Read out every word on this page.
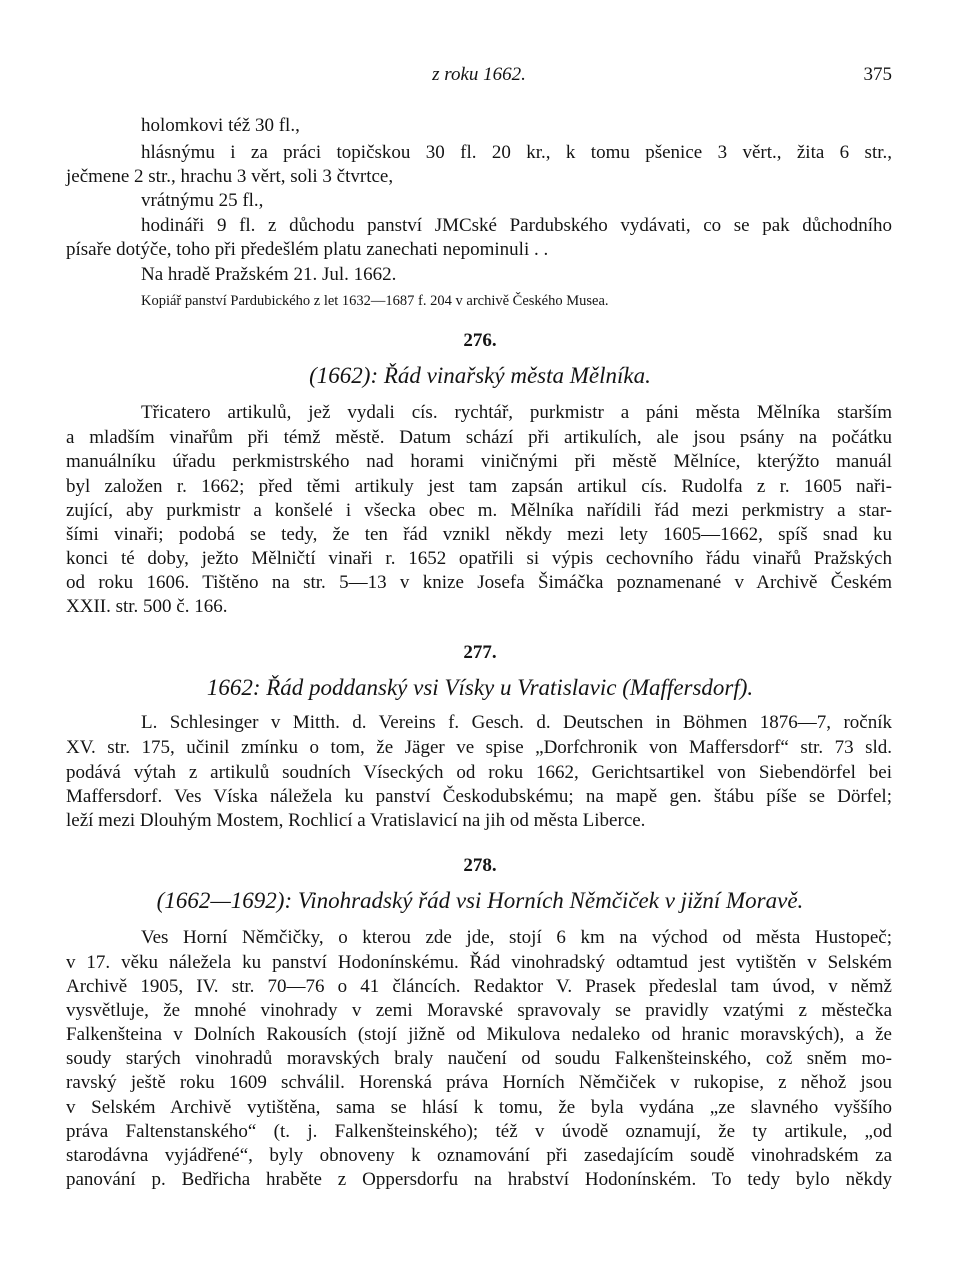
z roku 1662.	375
holomkovi též 30 fl.,
hlásnýmu i za práci topičskou 30 fl. 20 kr., k tomu pšenice 3 věrt., žita 6 str.,
ječmene 2 str., hrachu 3 věrt, soli 3 čtvrtce,
vrátnýmu 25 fl.,
hodináři 9 fl. z důchodu panství JMCské Pardubského vydávati, co se pak důchodního
písaře dotýče, toho při předešlém platu zanechati nepominuli . .
Na hradě Pražském 21. Jul. 1662.
Kopiář panství Pardubického z let 1632—1687 f. 204 v archivě Českého Musea.
276.
(1662): Řád vinařský města Mělníka.
Třicatero artikulů, jež vydali cís. rychtář, purkmistr a páni města Mělníka starším
a mladším vinařům při témž městě. Datum schází při artikulích, ale jsou psány na počátku
manuálníku úřadu perkmistrského nad horami viničnými při městě Mělníce, kterýžto manuál
byl založen r. 1662; před těmi artikuly jest tam zapsán artikul cís. Rudolfa z r. 1605 naři-
zující, aby purkmistr a konšelé i všecka obec m. Mělníka nařídili řád mezi perkmistry a star-
šími vinaři; podobá se tedy, že ten řád vznikl někdy mezi lety 1605—1662, spíš snad ku
konci té doby, ježto Mělničtí vinaři r. 1652 opatřili si výpis cechovního řádu vinařů Pražských
od roku 1606. Tištěno na str. 5—13 v knize Josefa Šimáčka poznamenané v Archivě Českém
XXII. str. 500 č. 166.
277.
1662: Řád poddanský vsi Vísky u Vratislavic (Maffersdorf).
L. Schlesinger v Mitth. d. Vereins f. Gesch. d. Deutschen in Böhmen 1876—7, ročník
XV. str. 175, učinil zmínku o tom, že Jäger ve spise „Dorfchronik von Maffersdorf“ str. 73 sld.
podává výtah z artikulů soudních Víseckých od roku 1662, Gerichtsartikel von Siebendörfel bei
Maffersdorf. Ves Víska náležela ku panství Českodubskému; na mapě gen. štábu píše se Dörfel;
leží mezi Dlouhým Mostem, Rochlicí a Vratislavicí na jih od města Liberce.
278.
(1662—1692): Vinohradský řád vsi Horních Němčiček v jižní Moravě.
Ves Horní Němčičky, o kterou zde jde, stojí 6 km na východ od města Hustopeč;
v 17. věku náležela ku panství Hodonínskému. Řád vinohradský odtamtud jest vytištěn v Selském
Archivě 1905, IV. str. 70—76 o 41 článcích. Redaktor V. Prasek předeslal tam úvod, v němž
vysvětluje, že mnohé vinohrady v zemi Moravské spravovaly se pravidly vzatými z městečka
Falkenšteina v Dolních Rakousích (stojí jižně od Mikulova nedaleko od hranic moravských), a že
soudy starých vinohradů moravských braly naučení od soudu Falkenšteinského, což sněm mo-
ravský ještě roku 1609 schválil. Horenská práva Horních Němčiček v rukopise, z něhož jsou
v Selském Archivě vytištěna, sama se hlásí k tomu, že byla vydána „ze slavného vyššího
práva Faltenstanského“ (t. j. Falkenšteinského); též v úvodě oznamují, že ty artikule, „od
starodávna vyjádřené“, byly obnoveny k oznamování při zasedajícím soudě vinohradském za
panování p. Bedřicha hraběte z Oppersdorfu na hrabství Hodonínském. To tedy bylo někdy
